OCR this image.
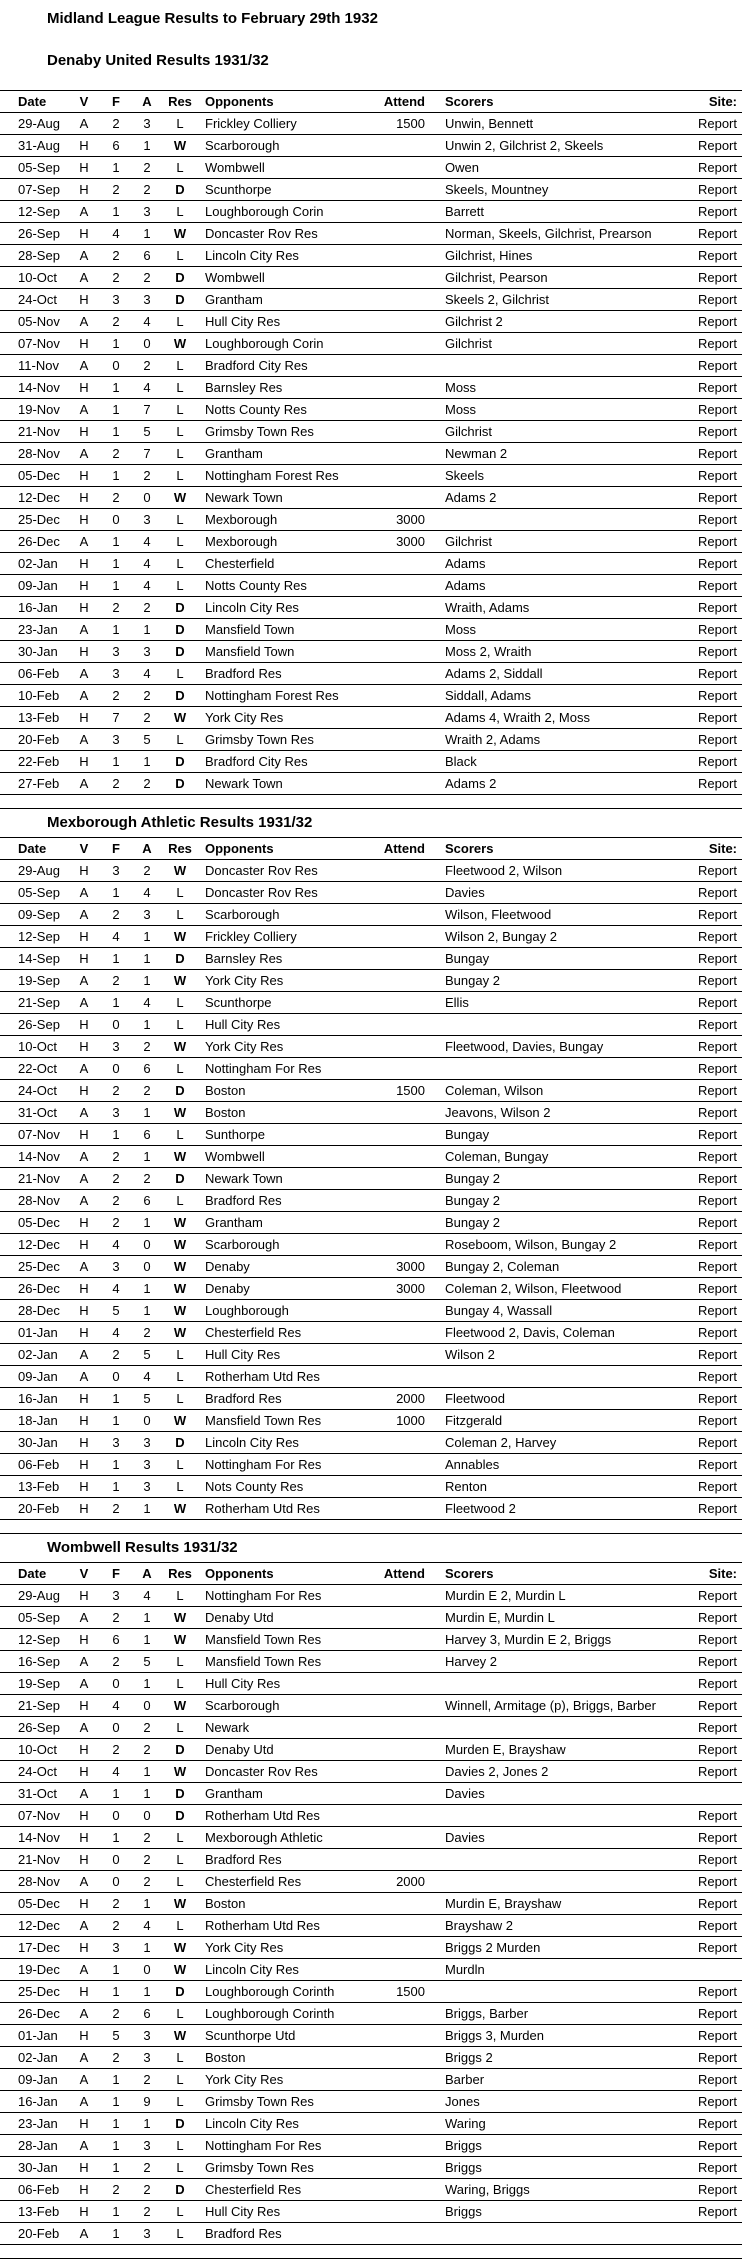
Midland League Results to February 29th 1932
Denaby United Results 1931/32
Date	V	F	A	Res	Opponents	Attend	Scorers	Site:
29-Aug	A	2	3	L	Frickley Colliery	1500	Unwin, Bennett	Report
31-Aug	H	6	1	W	Scarborough		Unwin 2, Gilchrist 2, Skeels	Report
05-Sep	H	1	2	L	Wombwell		Owen	Report
07-Sep	H	2	2	D	Scunthorpe		Skeels, Mountney	Report
12-Sep	A	1	3	L	Loughborough Corin		Barrett	Report
26-Sep	H	4	1	W	Doncaster Rov Res		Norman, Skeels, Gilchrist, Prearson	Report
28-Sep	A	2	6	L	Lincoln City Res		Gilchrist, Hines	Report
10-Oct	A	2	2	D	Wombwell		Gilchrist, Pearson	Report
24-Oct	H	3	3	D	Grantham		Skeels 2, Gilchrist	Report
05-Nov	A	2	4	L	Hull City Res		Gilchrist 2	Report
07-Nov	H	1	0	W	Loughborough Corin		Gilchrist	Report
11-Nov	A	0	2	L	Bradford City Res			Report
14-Nov	H	1	4	L	Barnsley Res		Moss	Report
19-Nov	A	1	7	L	Notts County Res		Moss	Report
21-Nov	H	1	5	L	Grimsby Town Res		Gilchrist	Report
28-Nov	A	2	7	L	Grantham		Newman 2	Report
05-Dec	H	1	2	L	Nottingham Forest Res		Skeels	Report
12-Dec	H	2	0	W	Newark Town		Adams 2	Report
25-Dec	H	0	3	L	Mexborough	3000		Report
26-Dec	A	1	4	L	Mexborough	3000	Gilchrist	Report
02-Jan	H	1	4	L	Chesterfield		Adams	Report
09-Jan	H	1	4	L	Notts County Res		Adams	Report
16-Jan	H	2	2	D	Lincoln City Res		Wraith, Adams	Report
23-Jan	A	1	1	D	Mansfield Town		Moss	Report
30-Jan	H	3	3	D	Mansfield Town		Moss 2, Wraith	Report
06-Feb	A	3	4	L	Bradford Res		Adams 2, Siddall	Report
10-Feb	A	2	2	D	Nottingham Forest Res		Siddall, Adams	Report
13-Feb	H	7	2	W	York City Res		Adams 4, Wraith 2, Moss	Report
20-Feb	A	3	5	L	Grimsby Town Res		Wraith 2, Adams	Report
22-Feb	H	1	1	D	Bradford City Res		Black	Report
27-Feb	A	2	2	D	Newark Town		Adams 2	Report

Mexborough Athletic Results 1931/32
Date	V	F	A	Res	Opponents	Attend	Scorers	Site:
29-Aug	H	3	2	W	Doncaster Rov Res		Fleetwood 2, Wilson	Report
05-Sep	A	1	4	L	Doncaster Rov Res		Davies	Report
09-Sep	A	2	3	L	Scarborough		Wilson, Fleetwood	Report
12-Sep	H	4	1	W	Frickley Colliery		Wilson 2, Bungay 2	Report
14-Sep	H	1	1	D	Barnsley Res		Bungay	Report
19-Sep	A	2	1	W	York City Res		Bungay 2	Report
21-Sep	A	1	4	L	Scunthorpe		Ellis	Report
26-Sep	H	0	1	L	Hull City Res			Report
10-Oct	H	3	2	W	York City Res		Fleetwood, Davies, Bungay	Report
22-Oct	A	0	6	L	Nottingham For Res			Report
24-Oct	H	2	2	D	Boston	1500	Coleman, Wilson	Report
31-Oct	A	3	1	W	Boston		Jeavons, Wilson 2	Report
07-Nov	H	1	6	L	Sunthorpe		Bungay	Report
14-Nov	A	2	1	W	Wombwell		Coleman, Bungay	Report
21-Nov	A	2	2	D	Newark Town		Bungay 2	Report
28-Nov	A	2	6	L	Bradford Res		Bungay 2	Report
05-Dec	H	2	1	W	Grantham		Bungay 2	Report
12-Dec	H	4	0	W	Scarborough		Roseboom, Wilson, Bungay 2	Report
25-Dec	A	3	0	W	Denaby	3000	Bungay 2, Coleman	Report
26-Dec	H	4	1	W	Denaby	3000	Coleman 2, Wilson, Fleetwood	Report
28-Dec	H	5	1	W	Loughborough		Bungay 4, Wassall	Report
01-Jan	H	4	2	W	Chesterfield Res		Fleetwood 2, Davis, Coleman	Report
02-Jan	A	2	5	L	Hull City Res		Wilson 2	Report
09-Jan	A	0	4	L	Rotherham Utd Res			Report
16-Jan	H	1	5	L	Bradford Res	2000	Fleetwood	Report
18-Jan	H	1	0	W	Mansfield Town Res	1000	Fitzgerald	Report
30-Jan	H	3	3	D	Lincoln City Res		Coleman 2, Harvey	Report
06-Feb	H	1	3	L	Nottingham For Res		Annables	Report
13-Feb	H	1	3	L	Nots County Res		Renton	Report
20-Feb	H	2	1	W	Rotherham Utd Res		Fleetwood 2	Report

Wombwell Results 1931/32
Date	V	F	A	Res	Opponents	Attend	Scorers	Site:
29-Aug	H	3	4	L	Nottingham For Res		Murdin E 2, Murdin L	Report
05-Sep	A	2	1	W	Denaby Utd		Murdin E, Murdin L	Report
12-Sep	H	6	1	W	Mansfield Town Res		Harvey 3, Murdin E 2, Briggs	Report
16-Sep	A	2	5	L	Mansfield Town Res		Harvey 2	Report
19-Sep	A	0	1	L	Hull City Res			Report
21-Sep	H	4	0	W	Scarborough		Winnell, Armitage (p), Briggs, Barber	Report
26-Sep	A	0	2	L	Newark			Report
10-Oct	H	2	2	D	Denaby Utd		Murden E, Brayshaw	Report
24-Oct	H	4	1	W	Doncaster Rov Res		Davies 2, Jones 2	Report
31-Oct	A	1	1	D	Grantham		Davies	
07-Nov	H	0	0	D	Rotherham Utd Res			Report
14-Nov	H	1	2	L	Mexborough Athletic		Davies	Report
21-Nov	H	0	2	L	Bradford Res			Report
28-Nov	A	0	2	L	Chesterfield Res	2000		Report
05-Dec	H	2	1	W	Boston		Murdin E, Brayshaw	Report
12-Dec	A	2	4	L	Rotherham Utd Res		Brayshaw 2	Report
17-Dec	H	3	1	W	York City Res		Briggs 2 Murden	Report
19-Dec	A	1	0	W	Lincoln City Res		Murdln	
25-Dec	H	1	1	D	Loughborough Corinth	1500		Report
26-Dec	A	2	6	L	Loughborough Corinth		Briggs, Barber	Report
01-Jan	H	5	3	W	Scunthorpe Utd		Briggs 3, Murden	Report
02-Jan	A	2	3	L	Boston		Briggs 2	Report
09-Jan	A	1	2	L	York City Res		Barber	Report
16-Jan	A	1	9	L	Grimsby Town Res		Jones	Report
23-Jan	H	1	1	D	Lincoln City Res		Waring	Report
28-Jan	A	1	3	L	Nottingham For Res		Briggs	Report
30-Jan	H	1	2	L	Grimsby Town Res		Briggs	Report
06-Feb	H	2	2	D	Chesterfield Res		Waring, Briggs	Report
13-Feb	H	1	2	L	Hull City Res		Briggs	Report
20-Feb	A	1	3	L	Bradford Res			
